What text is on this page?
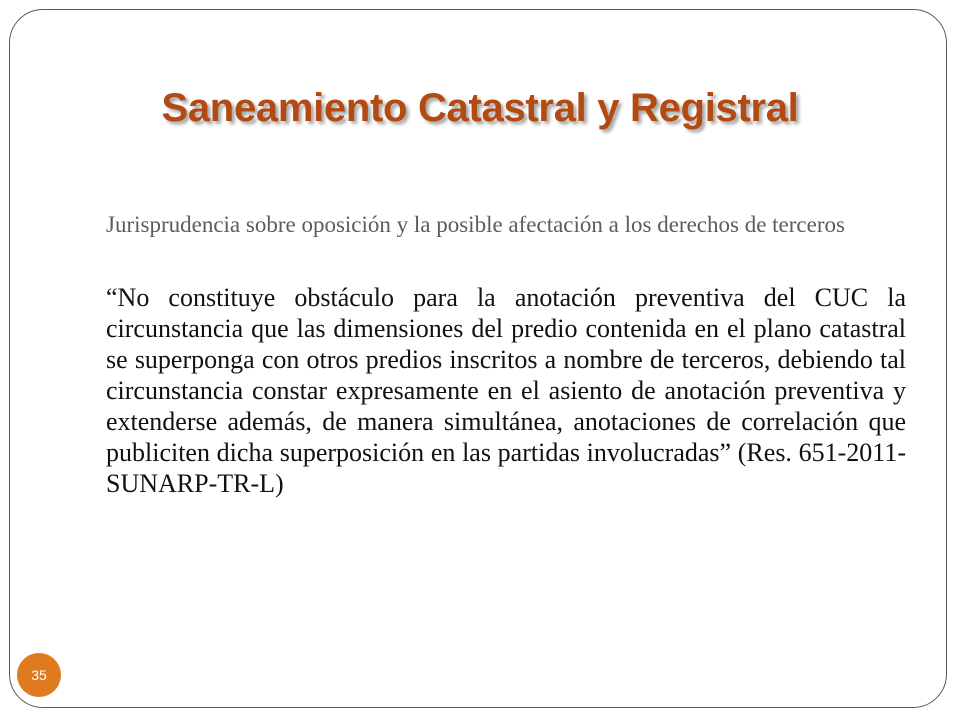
Saneamiento Catastral y Registral

Jurisprudencia sobre oposición y la posible afectación a los derechos de terceros

“No constituye obstáculo para la anotación preventiva del CUC la circunstancia que las dimensiones del predio contenida en el plano catastral se superponga con otros predios inscritos a nombre de terceros, debiendo tal circunstancia constar expresamente en el asiento de anotación preventiva y extenderse además, de manera simultánea, anotaciones de correlación que publiciten dicha superposición en las partidas involucradas” (Res. 651-2011-SUNARP-TR-L)

35
